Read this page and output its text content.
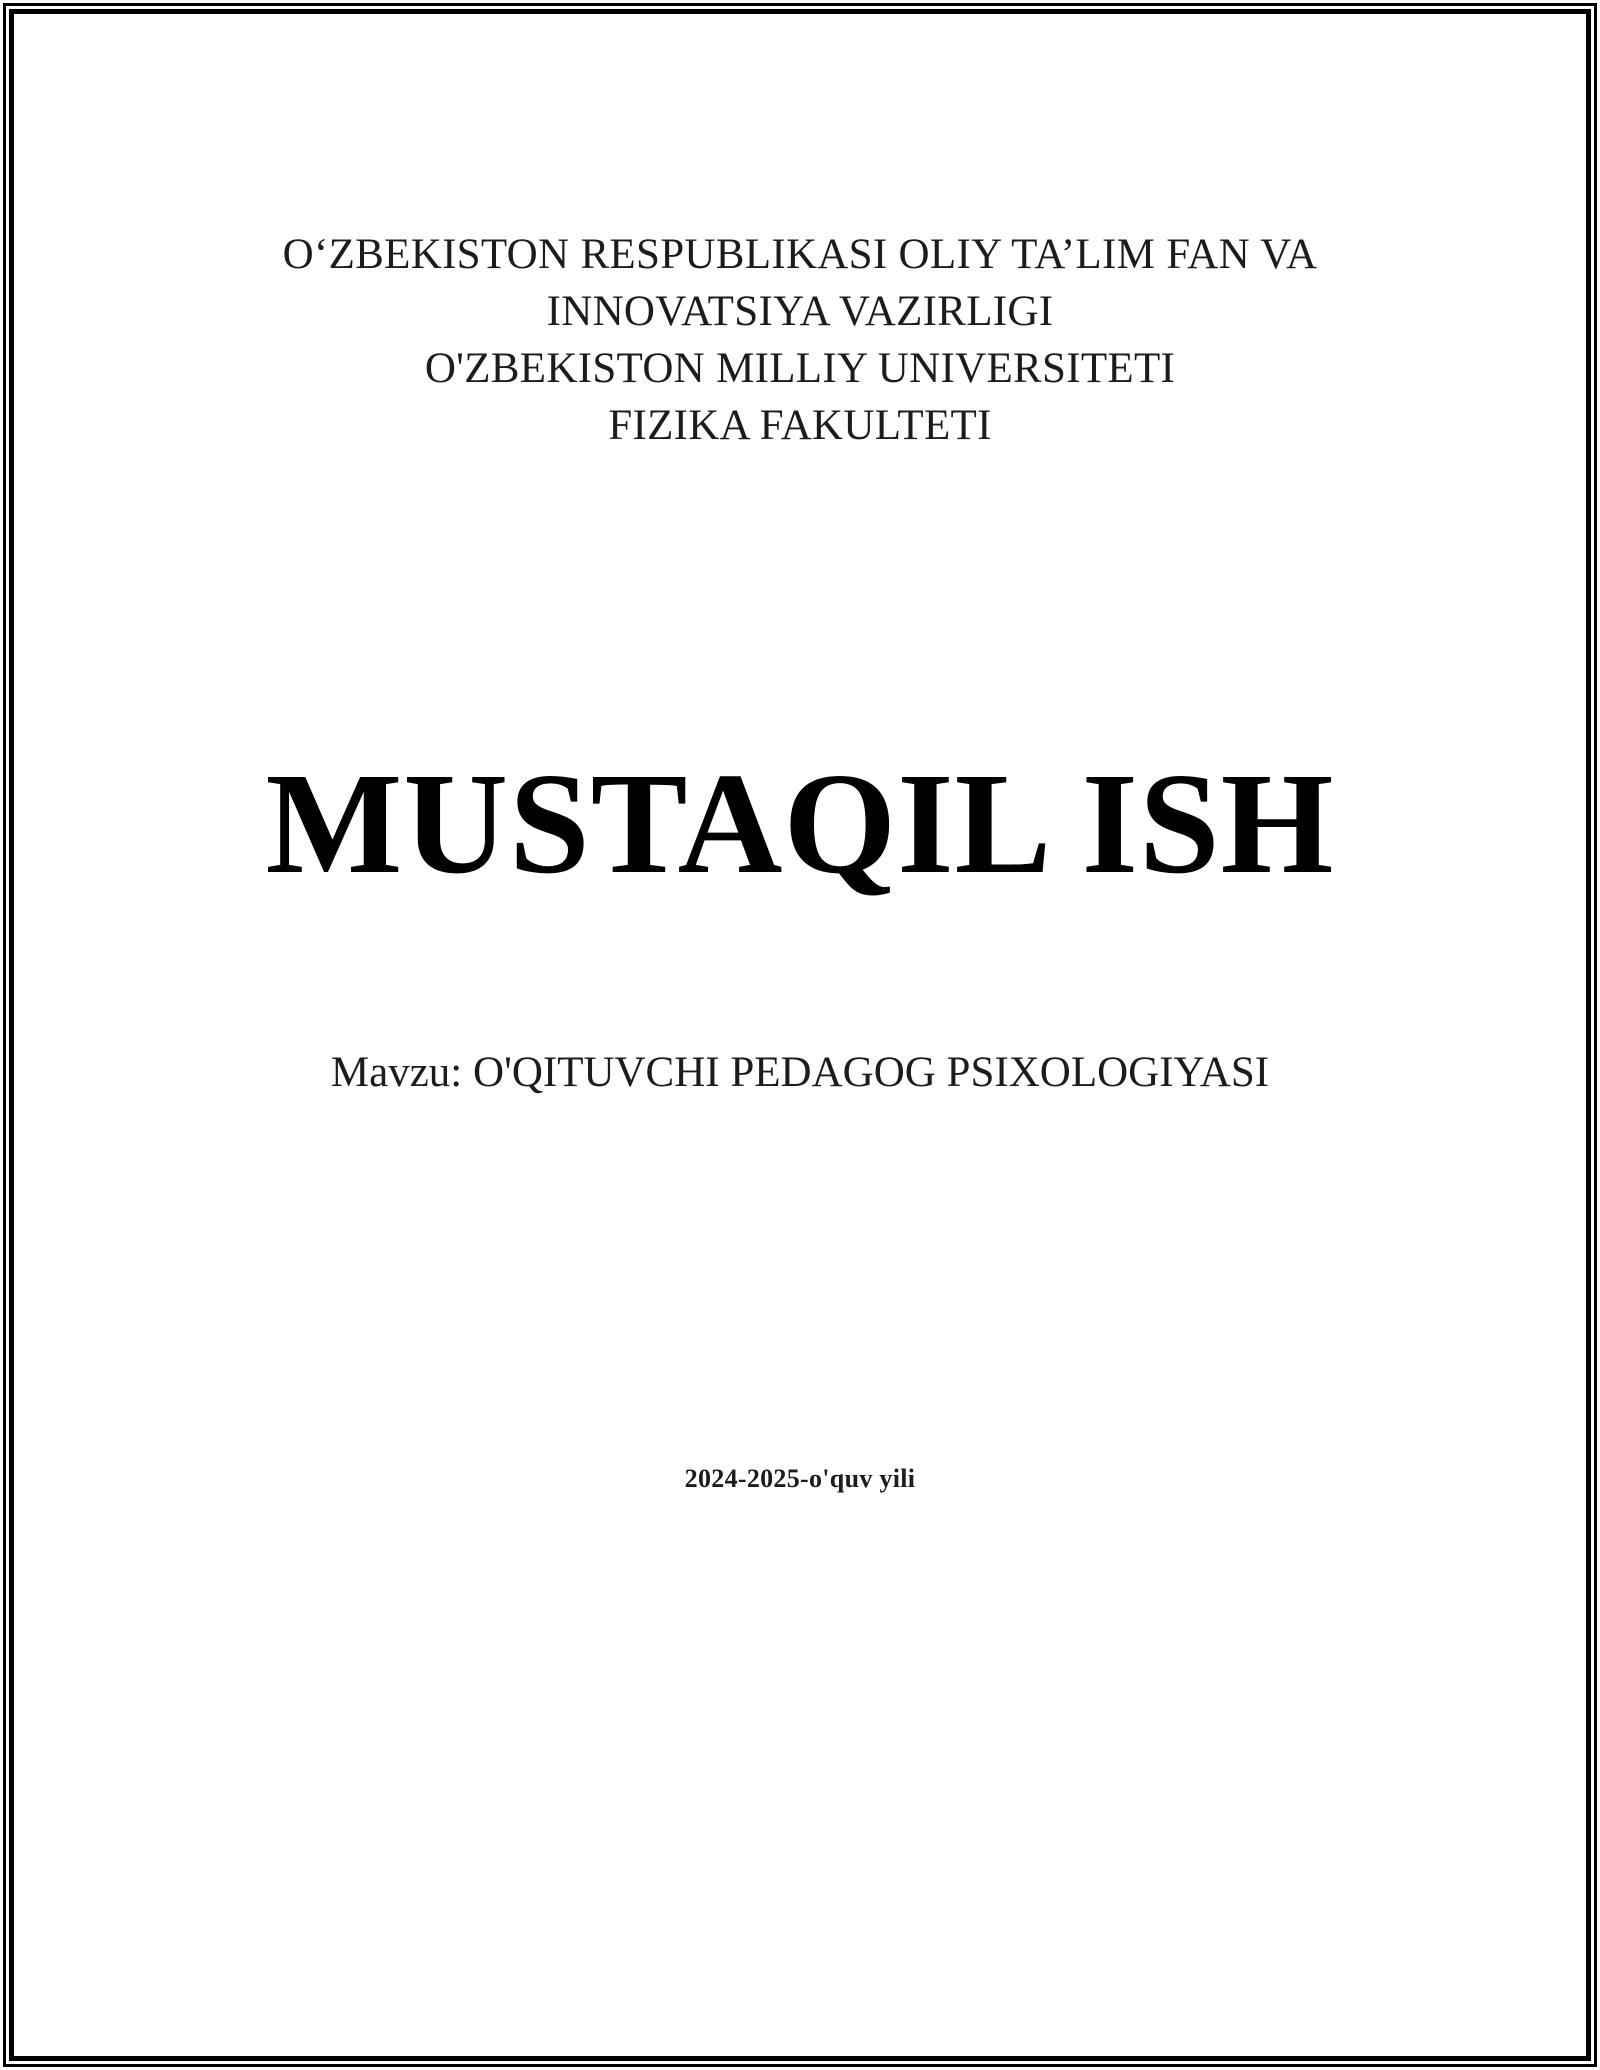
OʻZBEKISTON RESPUBLIKASI OLIY TA’LIM FAN VA
INNOVATSIYA VAZIRLIGI
O'ZBEKISTON MILLIY UNIVERSITETI
FIZIKA FAKULTETI
MUSTAQIL ISH
Mavzu: O'QITUVCHI PEDAGOG PSIXOLOGIYASI
2024-2025-o'quv yili
